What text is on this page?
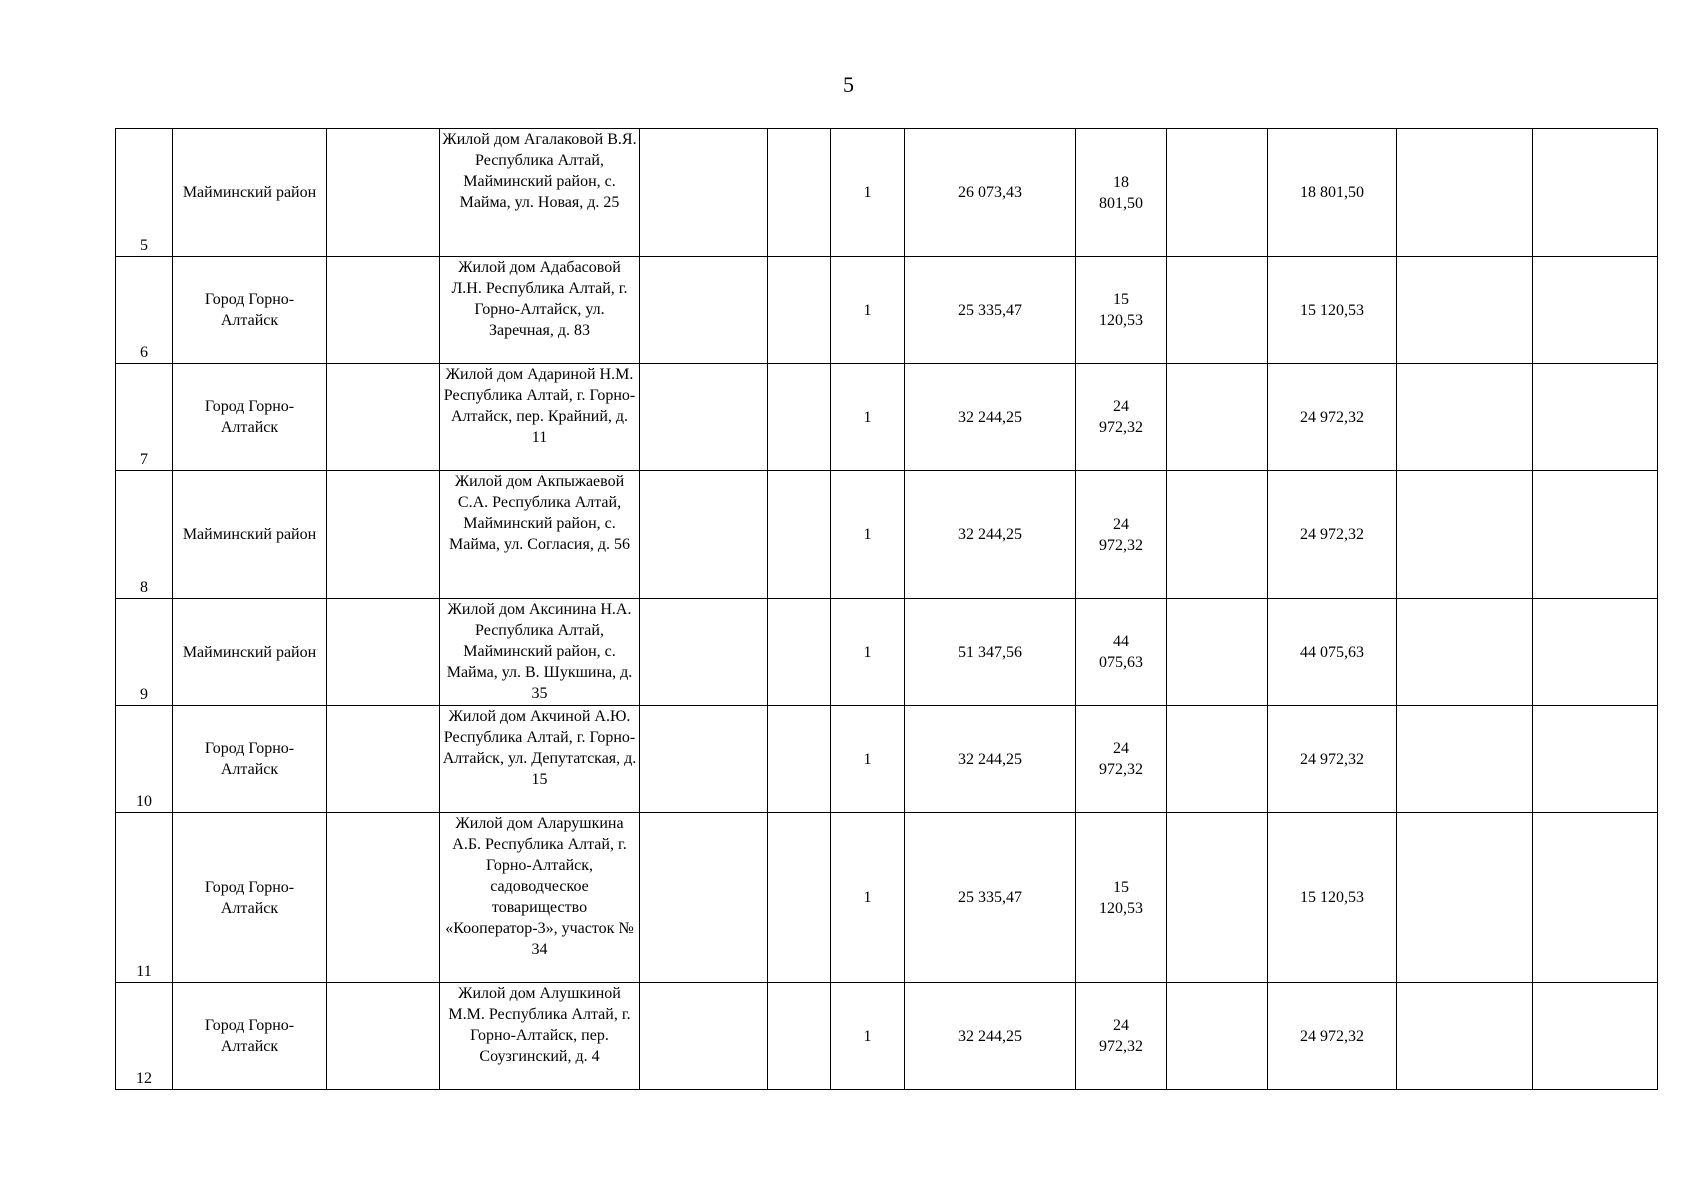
5
5	Майминский район		Жилой дом Агалаковой В.Я. Республика Алтай, Майминский район, с. Майма, ул. Новая, д. 25			1	26 073,43	18 801,50		18 801,50		
6	Город Горно-Алтайск		Жилой дом Адабасовой Л.Н. Республика Алтай, г. Горно-Алтайск, ул. Заречная, д. 83			1	25 335,47	15 120,53		15 120,53		
7	Город Горно-Алтайск		Жилой дом Адариной Н.М. Республика Алтай, г. Горно-Алтайск, пер. Крайний, д. 11			1	32 244,25	24 972,32		24 972,32		
8	Майминский район		Жилой дом Акпыжаевой С.А. Республика Алтай, Майминский район, с. Майма, ул. Согласия, д. 56			1	32 244,25	24 972,32		24 972,32		
9	Майминский район		Жилой дом Аксинина Н.А. Республика Алтай, Майминский район, с. Майма, ул. В. Шукшина, д. 35			1	51 347,56	44 075,63		44 075,63		
10	Город Горно-Алтайск		Жилой дом Акчиной А.Ю. Республика Алтай, г. Горно-Алтайск, ул. Депутатская, д. 15			1	32 244,25	24 972,32		24 972,32		
11	Город Горно-Алтайск		Жилой дом Аларушкина А.Б. Республика Алтай, г. Горно-Алтайск, садоводческое товарищество «Кооператор-3», участок № 34			1	25 335,47	15 120,53		15 120,53		
12	Город Горно-Алтайск		Жилой дом Алушкиной М.М. Республика Алтай, г. Горно-Алтайск, пер. Соузгинский, д. 4			1	32 244,25	24 972,32		24 972,32		
